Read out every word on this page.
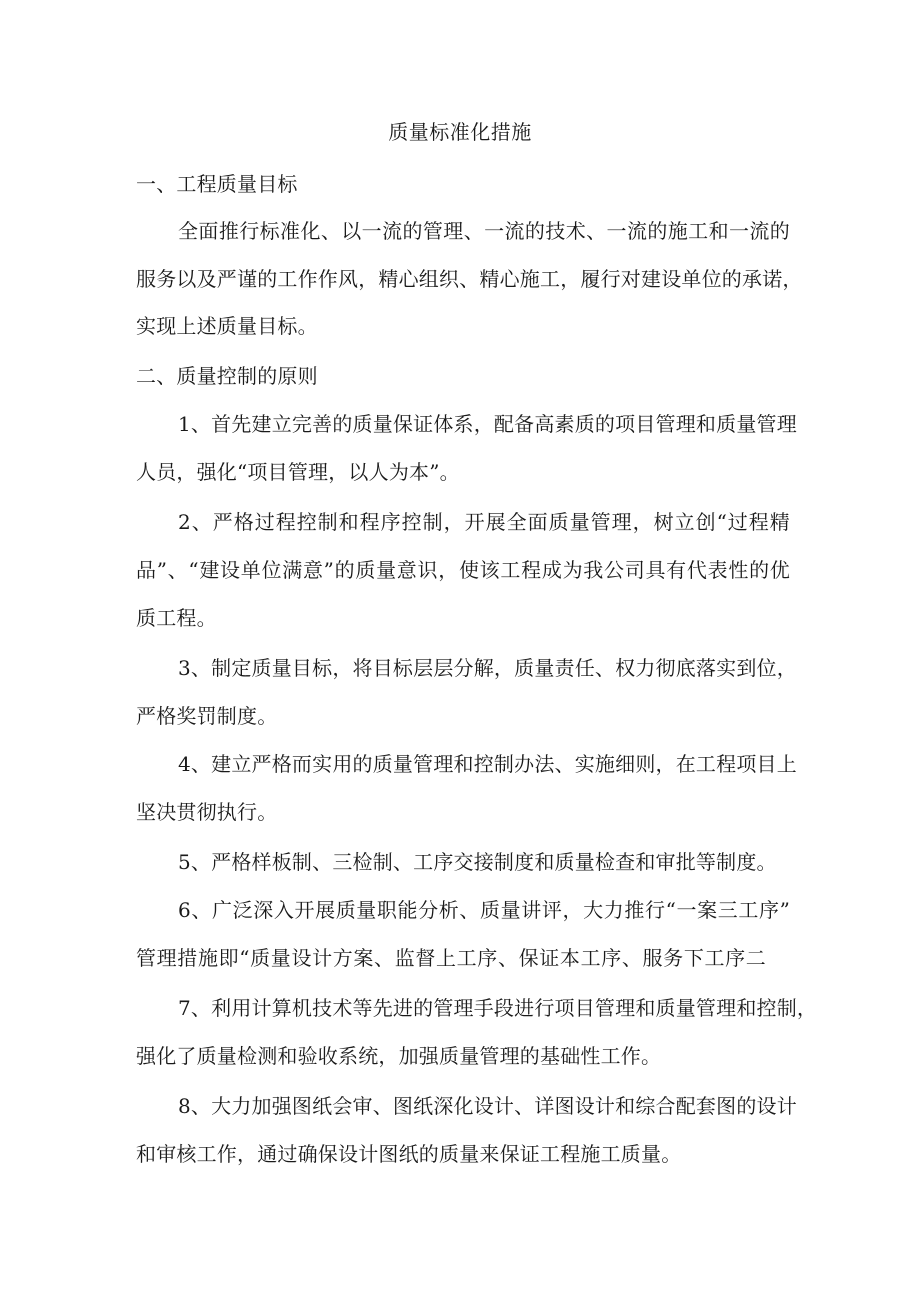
质量标准化措施
一、工程质量目标
全面推行标准化、以一流的管理、一流的技术、一流的施工和一流的
服务以及严谨的工作作风，精心组织、精心施工，履行对建设单位的承诺，
实现上述质量目标。
二、质量控制的原则
1、首先建立完善的质量保证体系，配备高素质的项目管理和质量管理
人员，强化“项目管理，以人为本”。
2、严格过程控制和程序控制，开展全面质量管理，树立创“过程精
品”、“建设单位满意”的质量意识，使该工程成为我公司具有代表性的优
质工程。
3、制定质量目标，将目标层层分解，质量责任、权力彻底落实到位，
严格奖罚制度。
4、建立严格而实用的质量管理和控制办法、实施细则，在工程项目上
坚决贯彻执行。
5、严格样板制、三检制、工序交接制度和质量检查和审批等制度。
6、广泛深入开展质量职能分析、质量讲评，大力推行“一案三工序”
管理措施即“质量设计方案、监督上工序、保证本工序、服务下工序二
7、利用计算机技术等先进的管理手段进行项目管理和质量管理和控制，
强化了质量检测和验收系统，加强质量管理的基础性工作。
8、大力加强图纸会审、图纸深化设计、详图设计和综合配套图的设计
和审核工作，通过确保设计图纸的质量来保证工程施工质量。
